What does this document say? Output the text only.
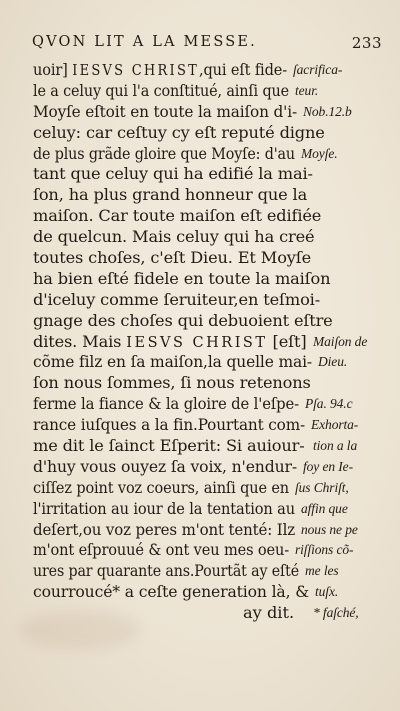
QVON LIT A LA MESSE.	233
uoir] IESVS CHRIST,qui eſt fide- ſacrifica-
le a celuy qui l'a conſtitué, ainſi que teur.
Moyſe eſtoit en toute la maiſon d'i- Nob.12.b
celuy: car ceſtuy cy eſt reputé digne
de plus grãde gloire que Moyſe: d'au Moyſe.
tant que celuy qui ha edifié la mai-
ſon, ha plus grand honneur que la
maiſon. Car toute maiſon eſt edifiée
de quelcun. Mais celuy qui ha creé
toutes choſes, c'eſt Dieu. Et Moyſe
ha bien eſté fidele en toute la maiſon
d'iceluy comme ſeruiteur,en teſmoi-
gnage des choſes qui debuoient eſtre
dites. Mais IESVS CHRIST [eſt] Maiſon de
cõme filz en ſa maiſon,la quelle mai- Dieu.
ſon nous ſommes, ſi nous retenons
ferme la fiance & la gloire de l'eſpe- Pſa. 94.c
rance iuſques a la fin.Pourtant com- Exhorta-
me dit le ſainct Eſperit: Si auiour- tion a la
d'huy vous ouyez ſa voix, n'endur- foy en Ie-
ciſſez point voz coeurs, ainſi que en ſus Chriſt,
l'irritation au iour de la tentation au affin que
deſert,ou voz peres m'ont tenté: Ilz nous ne pe
m'ont eſprouué & ont veu mes oeu- riſſions cõ-
ures par quarante ans.Pourtãt ay eſté me les
courroucé* a ceſte generation là, & tuſx.
ay dit. * faſché,
